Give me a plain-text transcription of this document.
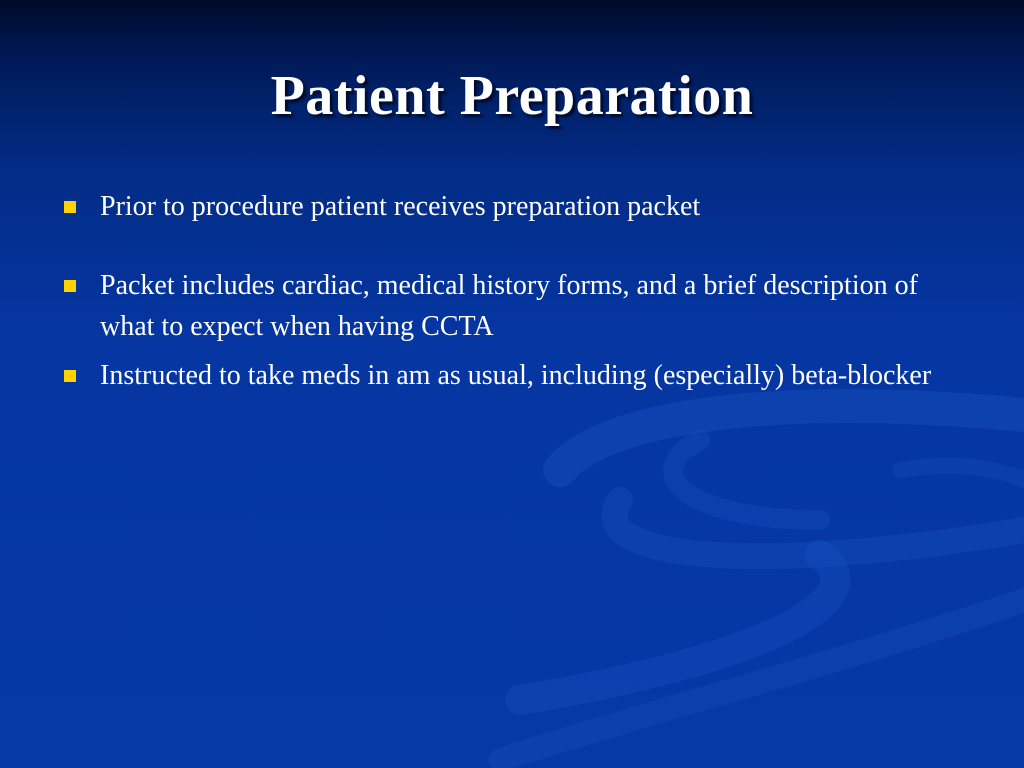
Patient Preparation
Prior to procedure patient receives preparation packet
Packet includes cardiac, medical history forms, and a brief description of what to expect when having CCTA
Instructed to take meds in am as usual, including (especially) beta-blocker
